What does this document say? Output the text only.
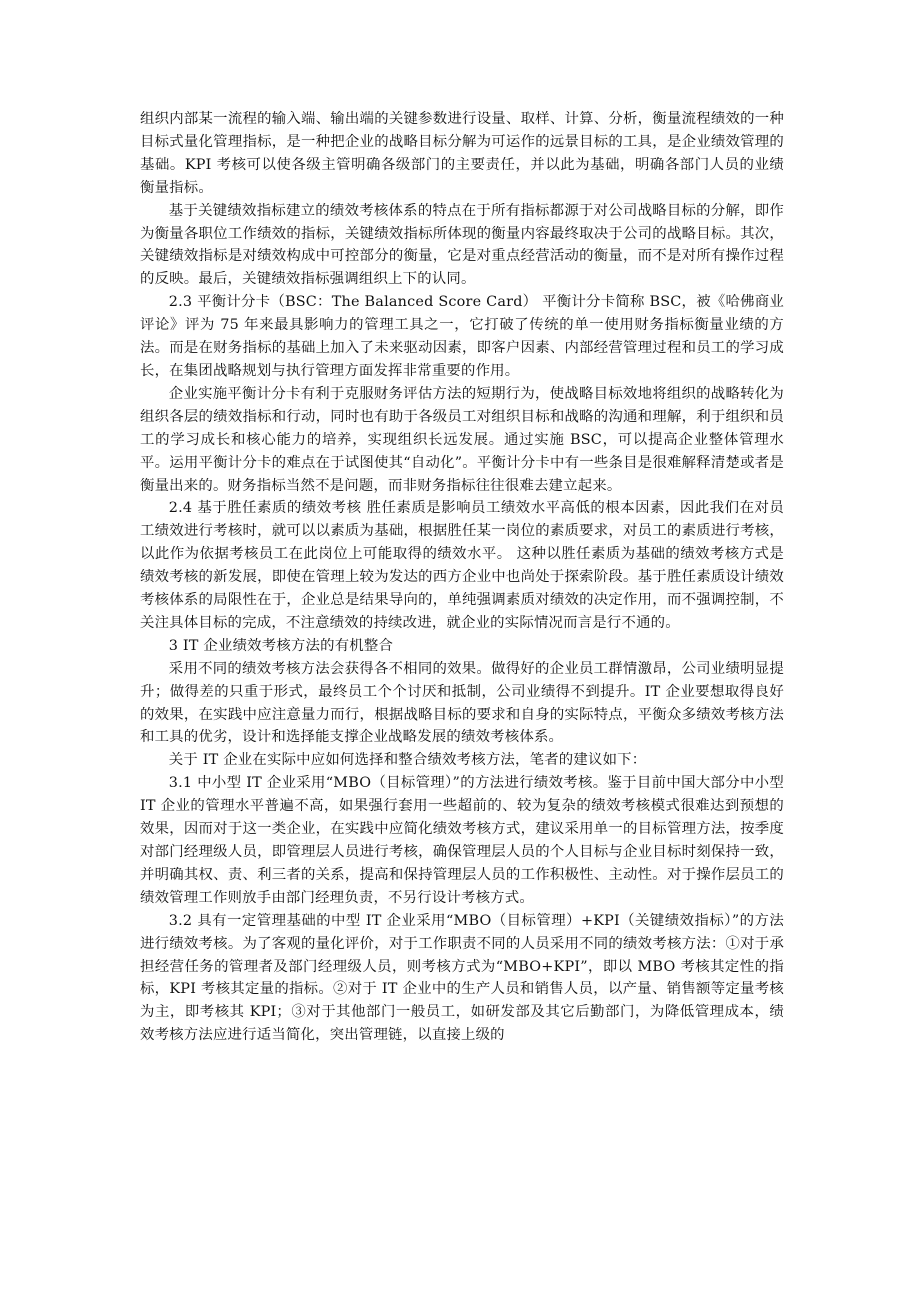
组织内部某一流程的输入端、输出端的关键参数进行设量、取样、计算、分析，衡量流程绩效的一种目标式量化管理指标，是一种把企业的战略目标分解为可运作的远景目标的工具，是企业绩效管理的基础。KPI 考核可以使各级主管明确各级部门的主要责任，并以此为基础，明确各部门人员的业绩衡量指标。

基于关键绩效指标建立的绩效考核体系的特点在于所有指标都源于对公司战略目标的分解，即作为衡量各职位工作绩效的指标，关键绩效指标所体现的衡量内容最终取决于公司的战略目标。其次，关键绩效指标是对绩效构成中可控部分的衡量，它是对重点经营活动的衡量，而不是对所有操作过程的反映。最后，关键绩效指标强调组织上下的认同。

2.3 平衡计分卡（BSC：The Balanced Score Card） 平衡计分卡简称 BSC，被《哈佛商业评论》评为 75 年来最具影响力的管理工具之一，它打破了传统的单一使用财务指标衡量业绩的方法。而是在财务指标的基础上加入了未来驱动因素，即客户因素、内部经营管理过程和员工的学习成长，在集团战略规划与执行管理方面发挥非常重要的作用。

企业实施平衡计分卡有利于克服财务评估方法的短期行为，使战略目标效地将组织的战略转化为组织各层的绩效指标和行动，同时也有助于各级员工对组织目标和战略的沟通和理解，利于组织和员工的学习成长和核心能力的培养，实现组织长远发展。通过实施 BSC，可以提高企业整体管理水平。运用平衡计分卡的难点在于试图使其“自动化”。平衡计分卡中有一些条目是很难解释清楚或者是衡量出来的。财务指标当然不是问题，而非财务指标往往很难去建立起来。

2.4 基于胜任素质的绩效考核 胜任素质是影响员工绩效水平高低的根本因素，因此我们在对员工绩效进行考核时，就可以以素质为基础，根据胜任某一岗位的素质要求，对员工的素质进行考核，以此作为依据考核员工在此岗位上可能取得的绩效水平。 这种以胜任素质为基础的绩效考核方式是绩效考核的新发展，即使在管理上较为发达的西方企业中也尚处于探索阶段。基于胜任素质设计绩效考核体系的局限性在于，企业总是结果导向的，单纯强调素质对绩效的决定作用，而不强调控制，不关注具体目标的完成，不注意绩效的持续改进，就企业的实际情况而言是行不通的。

3 IT 企业绩效考核方法的有机整合

采用不同的绩效考核方法会获得各不相同的效果。做得好的企业员工群情激昂，公司业绩明显提升；做得差的只重于形式，最终员工个个讨厌和抵制，公司业绩得不到提升。IT 企业要想取得良好的效果，在实践中应注意量力而行，根据战略目标的要求和自身的实际特点，平衡众多绩效考核方法和工具的优劣，设计和选择能支撑企业战略发展的绩效考核体系。

关于 IT 企业在实际中应如何选择和整合绩效考核方法，笔者的建议如下：

3.1 中小型 IT 企业采用“MBO（目标管理）”的方法进行绩效考核。鉴于目前中国大部分中小型 IT 企业的管理水平普遍不高，如果强行套用一些超前的、较为复杂的绩效考核模式很难达到预想的效果，因而对于这一类企业，在实践中应简化绩效考核方式，建议采用单一的目标管理方法，按季度对部门经理级人员，即管理层人员进行考核，确保管理层人员的个人目标与企业目标时刻保持一致，并明确其权、责、利三者的关系，提高和保持管理层人员的工作积极性、主动性。对于操作层员工的绩效管理工作则放手由部门经理负责，不另行设计考核方式。

3.2 具有一定管理基础的中型 IT 企业采用“MBO（目标管理）+KPI（关键绩效指标）”的方法进行绩效考核。为了客观的量化评价，对于工作职责不同的人员采用不同的绩效考核方法：①对于承担经营任务的管理者及部门经理级人员，则考核方式为“MBO+KPI”，即以 MBO 考核其定性的指标，KPI 考核其定量的指标。②对于 IT 企业中的生产人员和销售人员，以产量、销售额等定量考核为主，即考核其 KPI；③对于其他部门一般员工，如研发部及其它后勤部门，为降低管理成本，绩效考核方法应进行适当简化，突出管理链，以直接上级的
